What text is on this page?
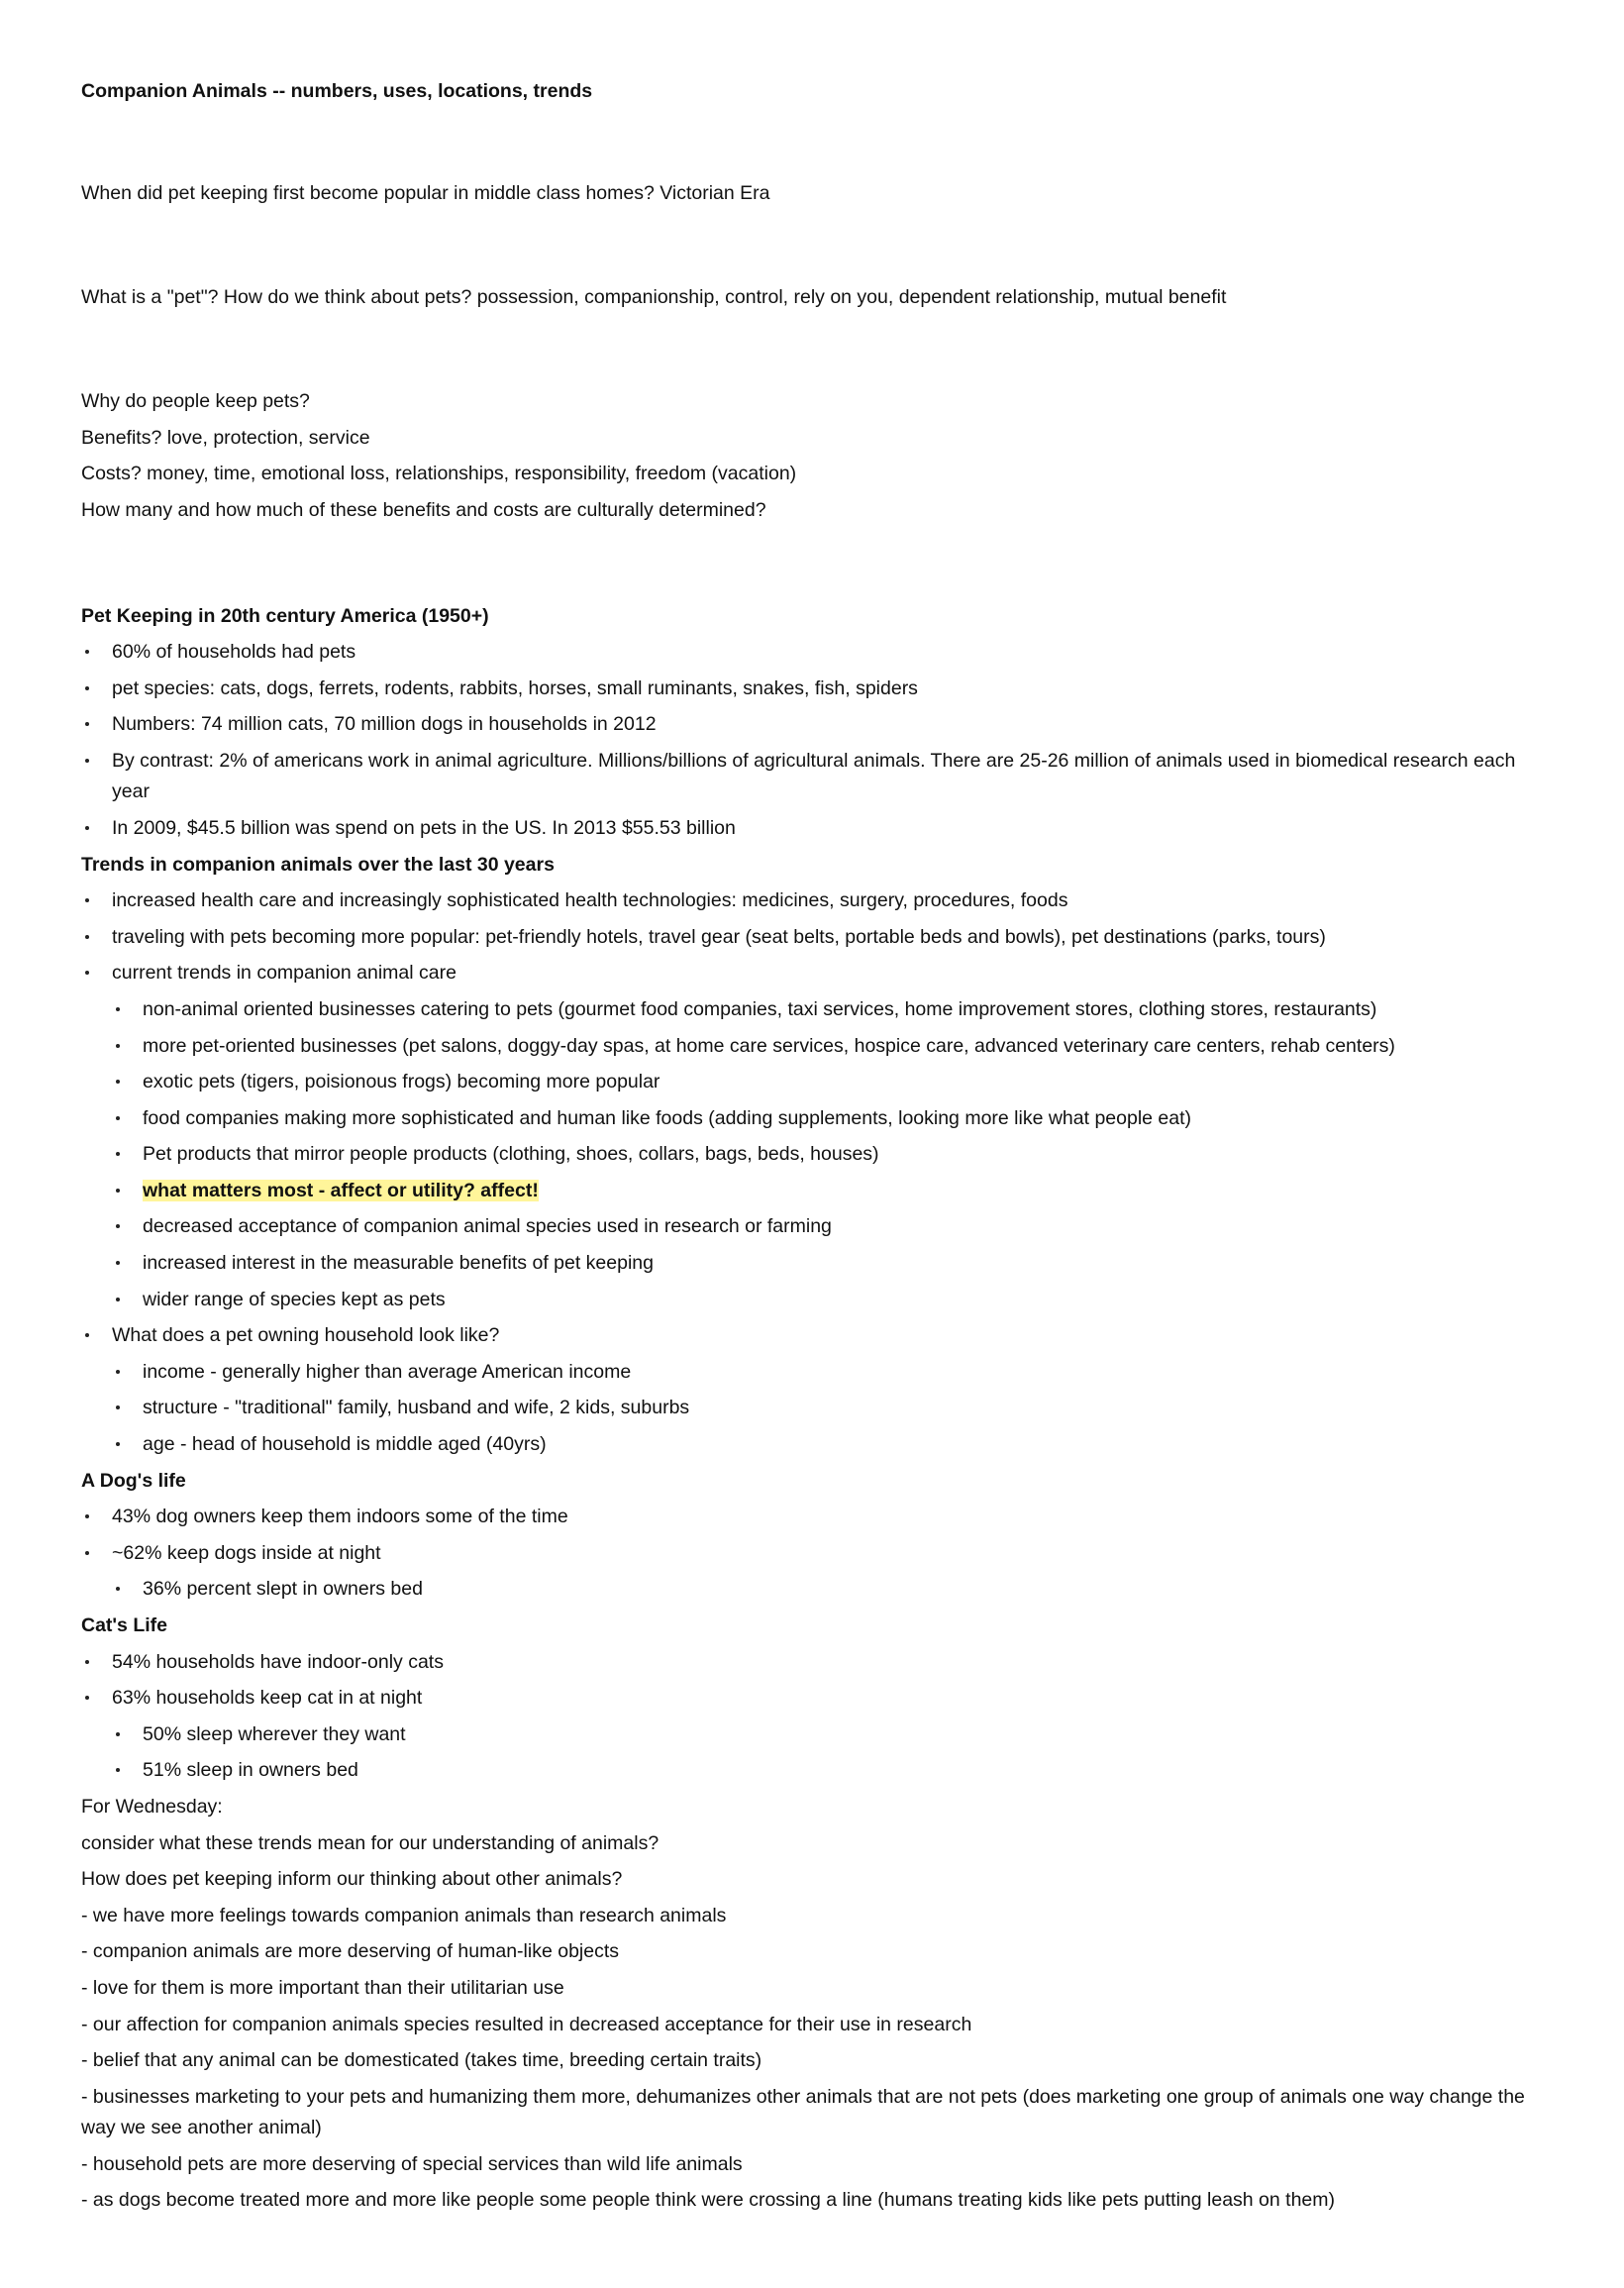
Companion Animals -- numbers, uses, locations, trends

When did pet keeping first become popular in middle class homes? Victorian Era

What is a "pet"? How do we think about pets? possession, companionship, control, rely on you, dependent relationship, mutual benefit

Why do people keep pets?

Benefits? love, protection, service

Costs? money, time, emotional loss, relationships, responsibility, freedom (vacation)

How many and how much of these benefits and costs are culturally determined?

Pet Keeping in 20th century America (1950+)

60% of households had pets
pet species: cats, dogs, ferrets, rodents, rabbits, horses, small ruminants, snakes, fish, spiders
Numbers: 74 million cats, 70 million dogs in households in 2012
By contrast: 2% of americans work in animal agriculture. Millions/billions of agricultural animals. There are 25-26 million of animals used in biomedical research each year
In 2009, $45.5 billion was spend on pets in the US. In 2013 $55.53 billion

Trends in companion animals over the last 30 years

increased health care and increasingly sophisticated health technologies: medicines, surgery, procedures, foods
traveling with pets becoming more popular: pet-friendly hotels, travel gear (seat belts, portable beds and bowls), pet destinations (parks, tours)
current trends in companion animal care
non-animal oriented businesses catering to pets (gourmet food companies, taxi services, home improvement stores, clothing stores, restaurants)
more pet-oriented businesses (pet salons, doggy-day spas, at home care services, hospice care, advanced veterinary care centers, rehab centers)
exotic pets (tigers, poisionous frogs) becoming more popular
food companies making more sophisticated and human like foods (adding supplements, looking more like what people eat)
Pet products that mirror people products (clothing, shoes, collars, bags, beds, houses)
what matters most - affect or utility? affect!
decreased acceptance of companion animal species used in research or farming
increased interest in the measurable benefits of pet keeping
wider range of species kept as pets
What does a pet owning household look like?
income - generally higher than average American income
structure - "traditional" family, husband and wife, 2 kids, suburbs
age - head of household is middle aged (40yrs)

A Dog's life

43% dog owners keep them indoors some of the time
~62% keep dogs inside at night
36% percent slept in owners bed

Cat's Life

54% households have indoor-only cats
63% households keep cat in at night
50% sleep wherever they want
51% sleep in owners bed

For Wednesday:

consider what these trends mean for our understanding of animals?

How does pet keeping inform our thinking about other animals?

- we have more feelings towards companion animals than research animals

- companion animals are more deserving of human-like objects

- love for them is more important than their utilitarian use

- our affection for companion animals species resulted in decreased acceptance for their use in research

- belief that any animal can be domesticated (takes time, breeding certain traits)

- businesses marketing to your pets and humanizing them more, dehumanizes other animals that are not pets (does marketing one group of animals one way change the way we see another animal)

- household pets are more deserving of special services than wild life animals

- as dogs become treated more and more like people some people think were crossing a line (humans treating kids like pets putting leash on them)
